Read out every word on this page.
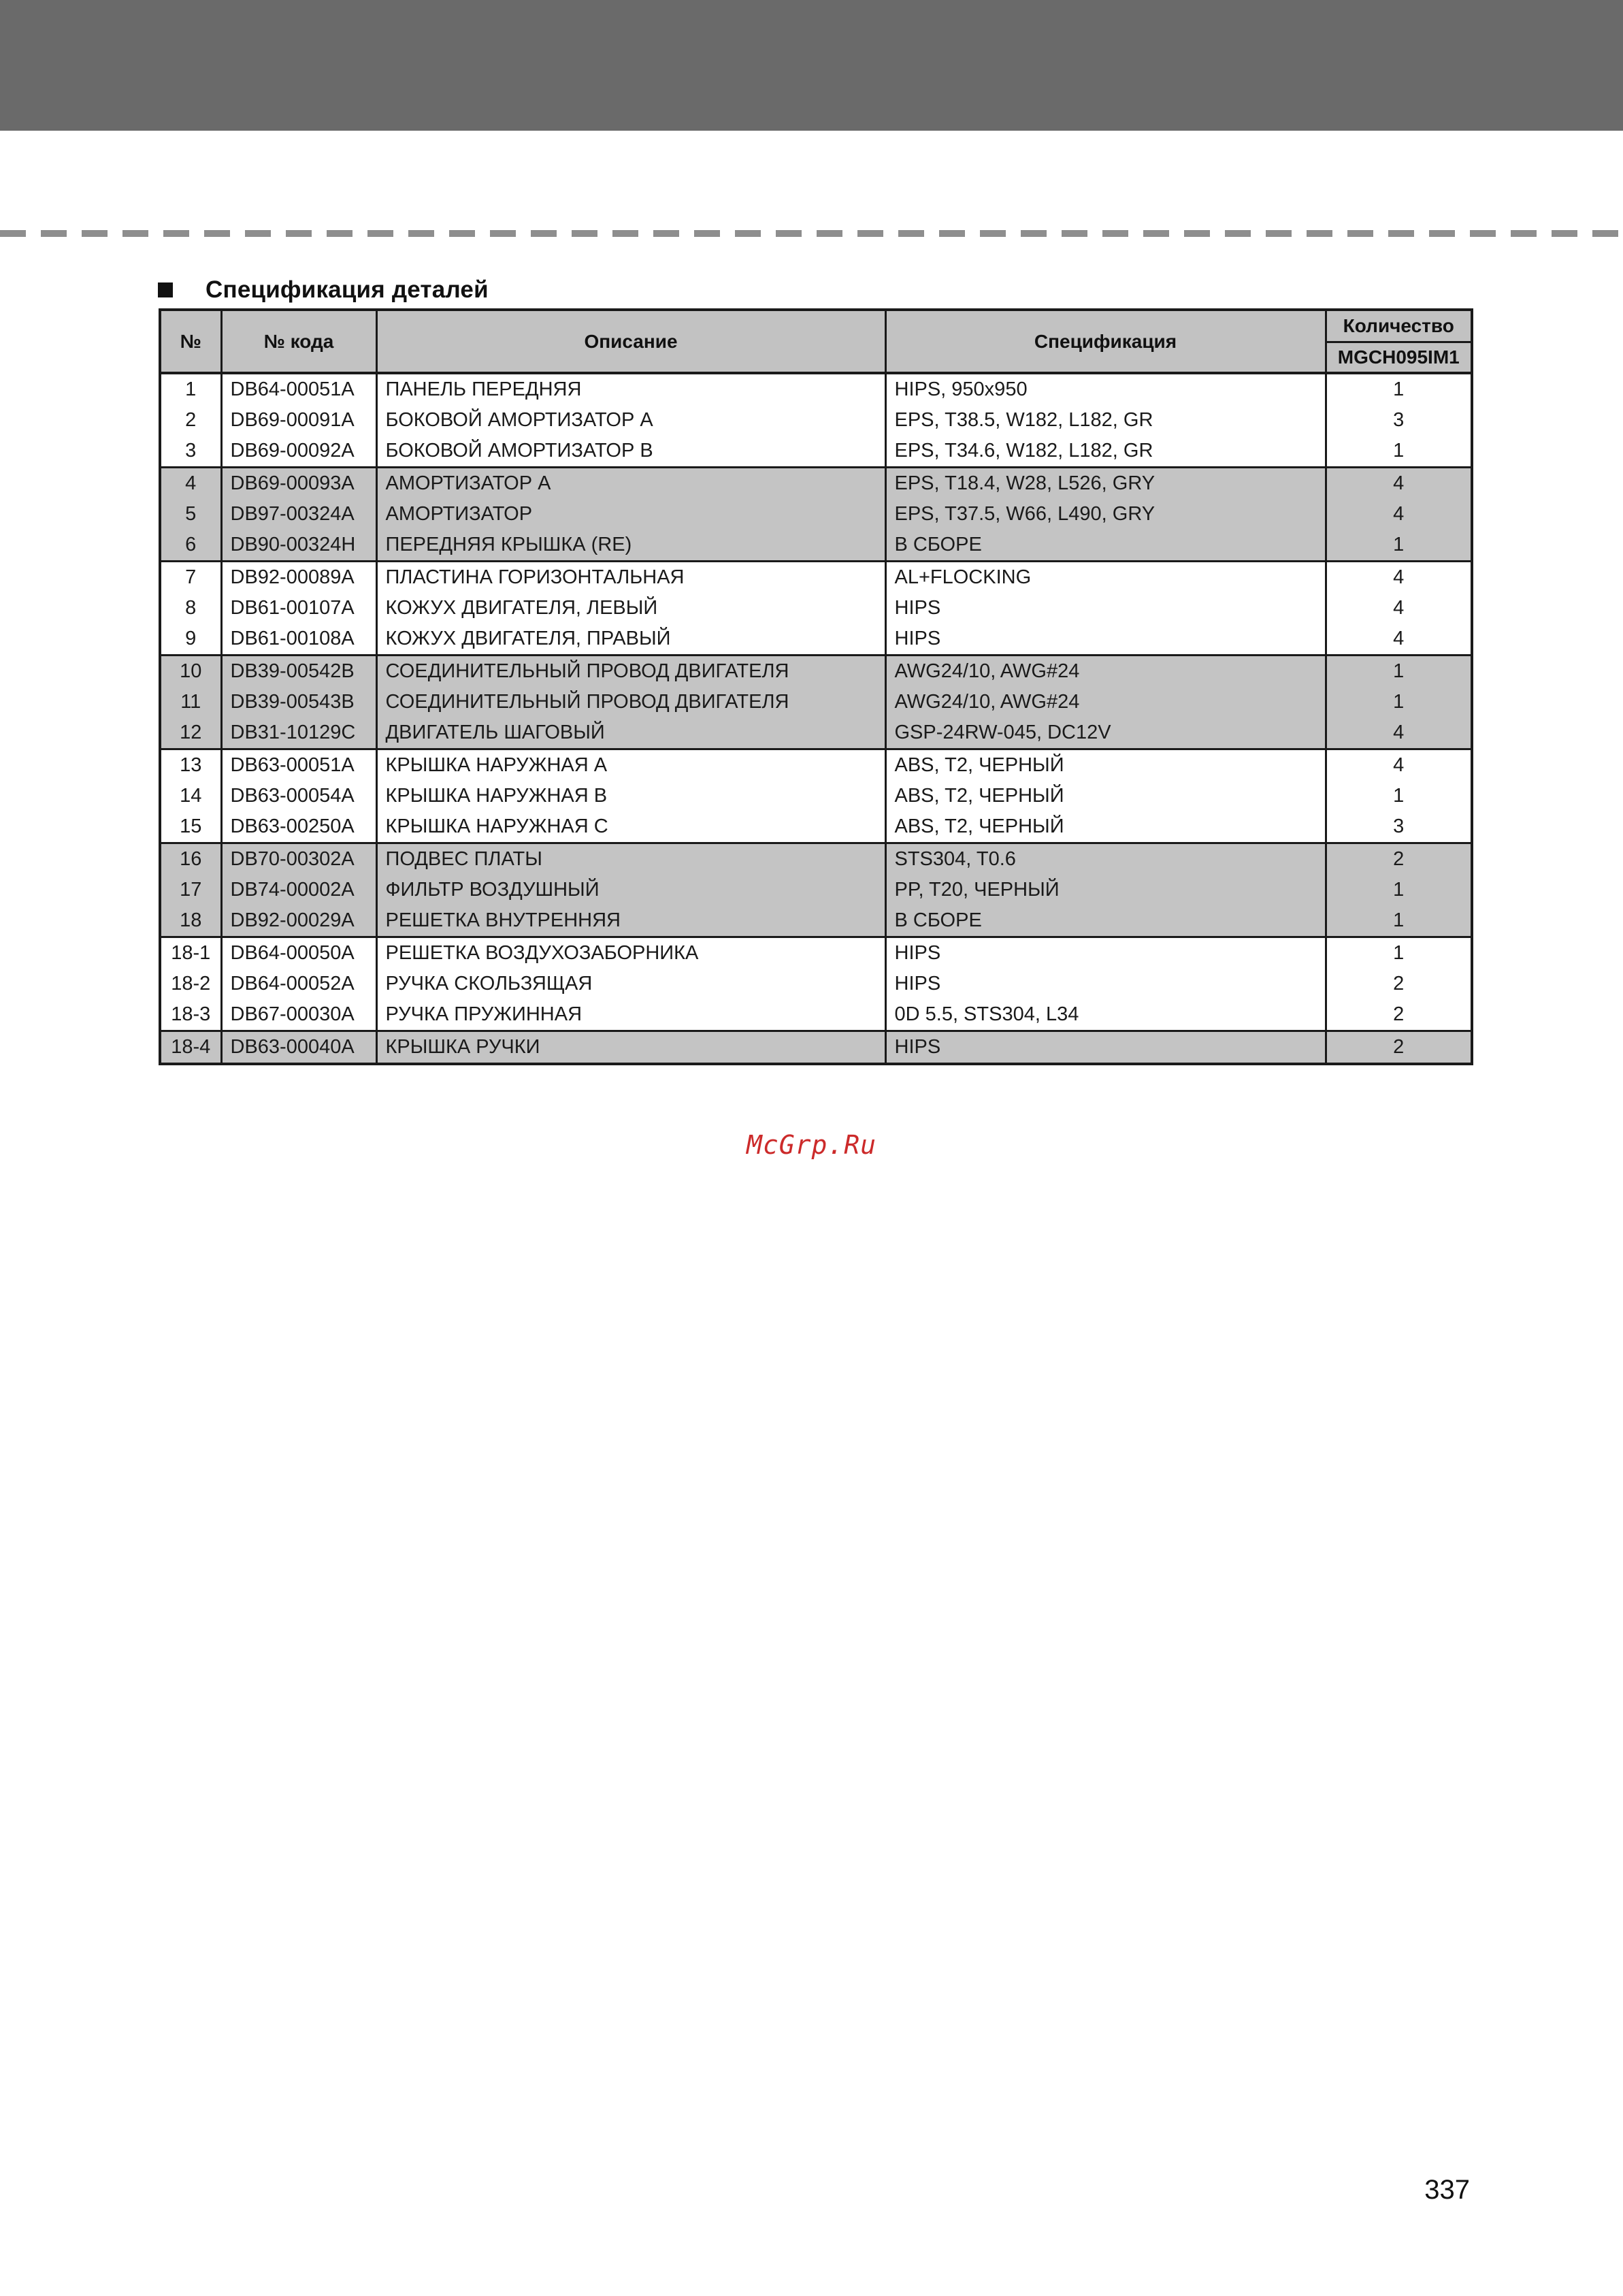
Спецификация деталей
№	№ кода	Описание	Спецификация	Количество
				MGCH095IM1
1	DB64-00051A	ПАНЕЛЬ ПЕРЕДНЯЯ	HIPS, 950x950	1
2	DB69-00091A	БОКОВОЙ АМОРТИЗАТОР A	EPS, T38.5, W182, L182, GR	3
3	DB69-00092A	БОКОВОЙ АМОРТИЗАТОР B	EPS, T34.6, W182, L182, GR	1
4	DB69-00093A	АМОРТИЗАТОР A	EPS, T18.4, W28, L526, GRY	4
5	DB97-00324A	АМОРТИЗАТОР	EPS, T37.5, W66, L490, GRY	4
6	DB90-00324H	ПЕРЕДНЯЯ КРЫШКА (RE)	В СБОРЕ	1
7	DB92-00089A	ПЛАСТИНА ГОРИЗОНТАЛЬНАЯ	AL+FLOCKING	4
8	DB61-00107A	КОЖУХ ДВИГАТЕЛЯ, ЛЕВЫЙ	HIPS	4
9	DB61-00108A	КОЖУХ ДВИГАТЕЛЯ, ПРАВЫЙ	HIPS	4
10	DB39-00542B	СОЕДИНИТЕЛЬНЫЙ ПРОВОД ДВИГАТЕЛЯ	AWG24/10, AWG#24	1
11	DB39-00543B	СОЕДИНИТЕЛЬНЫЙ ПРОВОД ДВИГАТЕЛЯ	AWG24/10, AWG#24	1
12	DB31-10129C	ДВИГАТЕЛЬ ШАГОВЫЙ	GSP-24RW-045, DC12V	4
13	DB63-00051A	КРЫШКА НАРУЖНАЯ A	ABS, T2, ЧЕРНЫЙ	4
14	DB63-00054A	КРЫШКА НАРУЖНАЯ B	ABS, T2, ЧЕРНЫЙ	1
15	DB63-00250A	КРЫШКА НАРУЖНАЯ C	ABS, T2, ЧЕРНЫЙ	3
16	DB70-00302A	ПОДВЕС ПЛАТЫ	STS304, T0.6	2
17	DB74-00002A	ФИЛЬТР ВОЗДУШНЫЙ	PP, T20, ЧЕРНЫЙ	1
18	DB92-00029A	РЕШЕТКА ВНУТРЕННЯЯ	В СБОРЕ	1
18-1	DB64-00050A	РЕШЕТКА ВОЗДУХОЗАБОРНИКА	HIPS	1
18-2	DB64-00052A	РУЧКА СКОЛЬЗЯЩАЯ	HIPS	2
18-3	DB67-00030A	РУЧКА ПРУЖИННАЯ	0D 5.5, STS304, L34	2
18-4	DB63-00040A	КРЫШКА РУЧКИ	HIPS	2
McGrp.Ru
337
